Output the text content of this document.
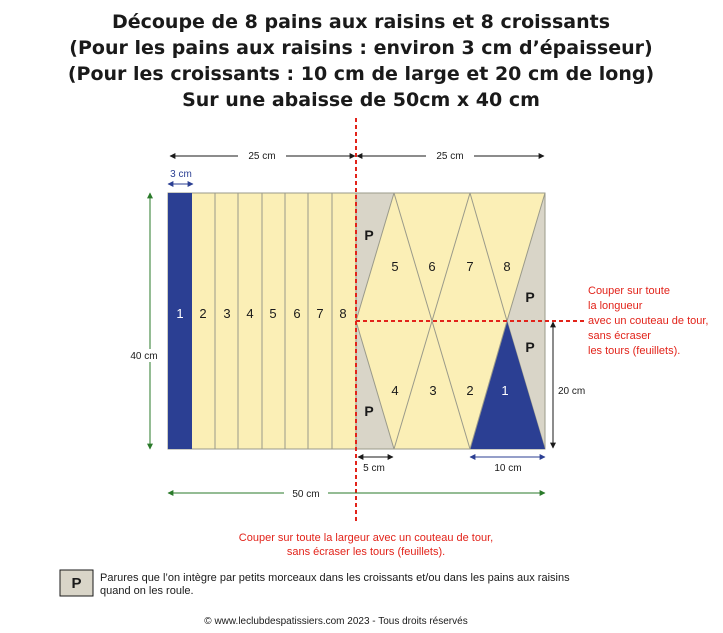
Découpe de 8 pains aux raisins et 8 croissants
(Pour les pains aux raisins : environ 3 cm d’épaisseur)
(Pour les croissants : 10 cm de large et 20 cm de long)
Sur une abaisse de 50cm x 40 cm
25 cm	25 cm
3 cm
40 cm
1 2 3 4 5 6 7 8
5 6 7 8
4 3 2 1
P
P
P
P
Couper sur toute
la longueur
avec un couteau de tour,
sans écraser
les tours (feuillets).
20 cm
5 cm	10 cm
50 cm
Couper sur toute la largeur avec un couteau de tour,
sans écraser les tours (feuillets).
P Parures que l’on intègre par petits morceaux dans les croissants et/ou dans les pains aux raisins
quand on les roule.
© www.leclubdespatissiers.com 2023 - Tous droits réservés
